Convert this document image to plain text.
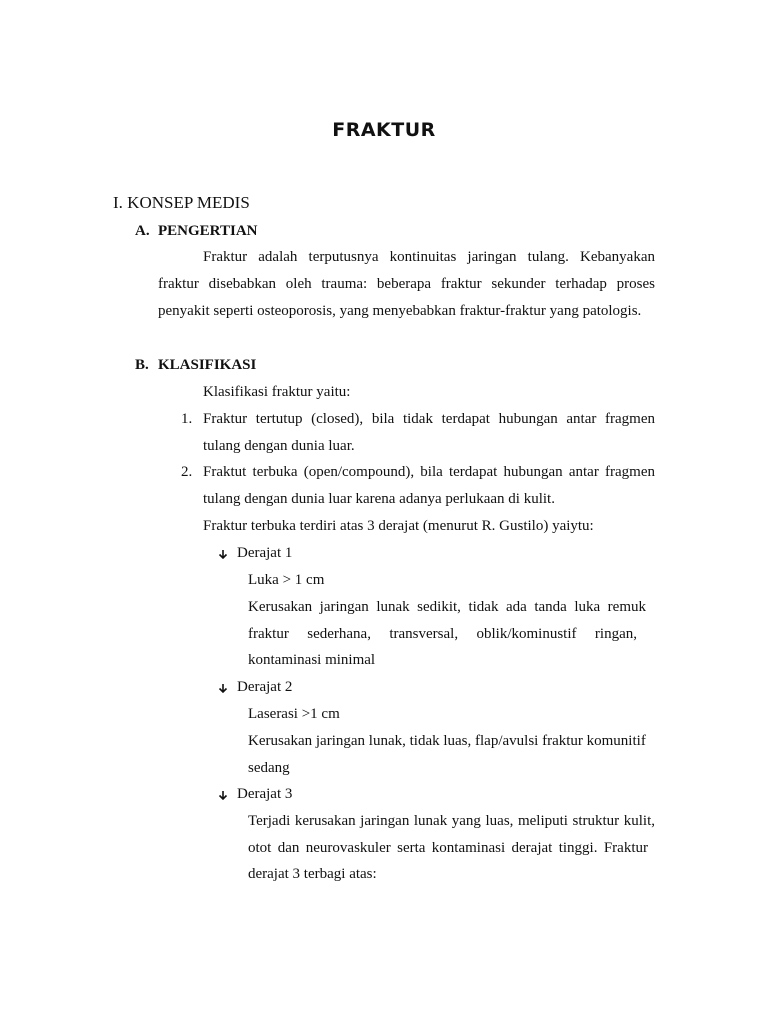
FRAKTUR
I. KONSEP MEDIS
A. PENGERTIAN
Fraktur adalah terputusnya kontinuitas jaringan tulang. Kebanyakan
fraktur disebabkan oleh trauma: beberapa fraktur sekunder terhadap proses
penyakit seperti osteoporosis, yang menyebabkan fraktur-fraktur yang patologis.
B. KLASIFIKASI
Klasifikasi fraktur yaitu:
1. Fraktur tertutup (closed), bila tidak terdapat hubungan antar fragmen
tulang dengan dunia luar.
2. Fraktut terbuka (open/compound), bila terdapat hubungan antar fragmen
tulang dengan dunia luar karena adanya perlukaan di kulit.
Fraktur terbuka terdiri atas 3 derajat (menurut R. Gustilo) yaiytu:
Derajat 1
Luka > 1 cm
Kerusakan jaringan lunak sedikit, tidak ada tanda luka remuk
fraktur sederhana, transversal, oblik/kominustif ringan,
kontaminasi minimal
Derajat 2
Laserasi >1 cm
Kerusakan jaringan lunak, tidak luas, flap/avulsi fraktur komunitif
sedang
Derajat 3
Terjadi kerusakan jaringan lunak yang luas, meliputi struktur kulit,
otot dan neurovaskuler serta kontaminasi derajat tinggi. Fraktur
derajat 3 terbagi atas:
